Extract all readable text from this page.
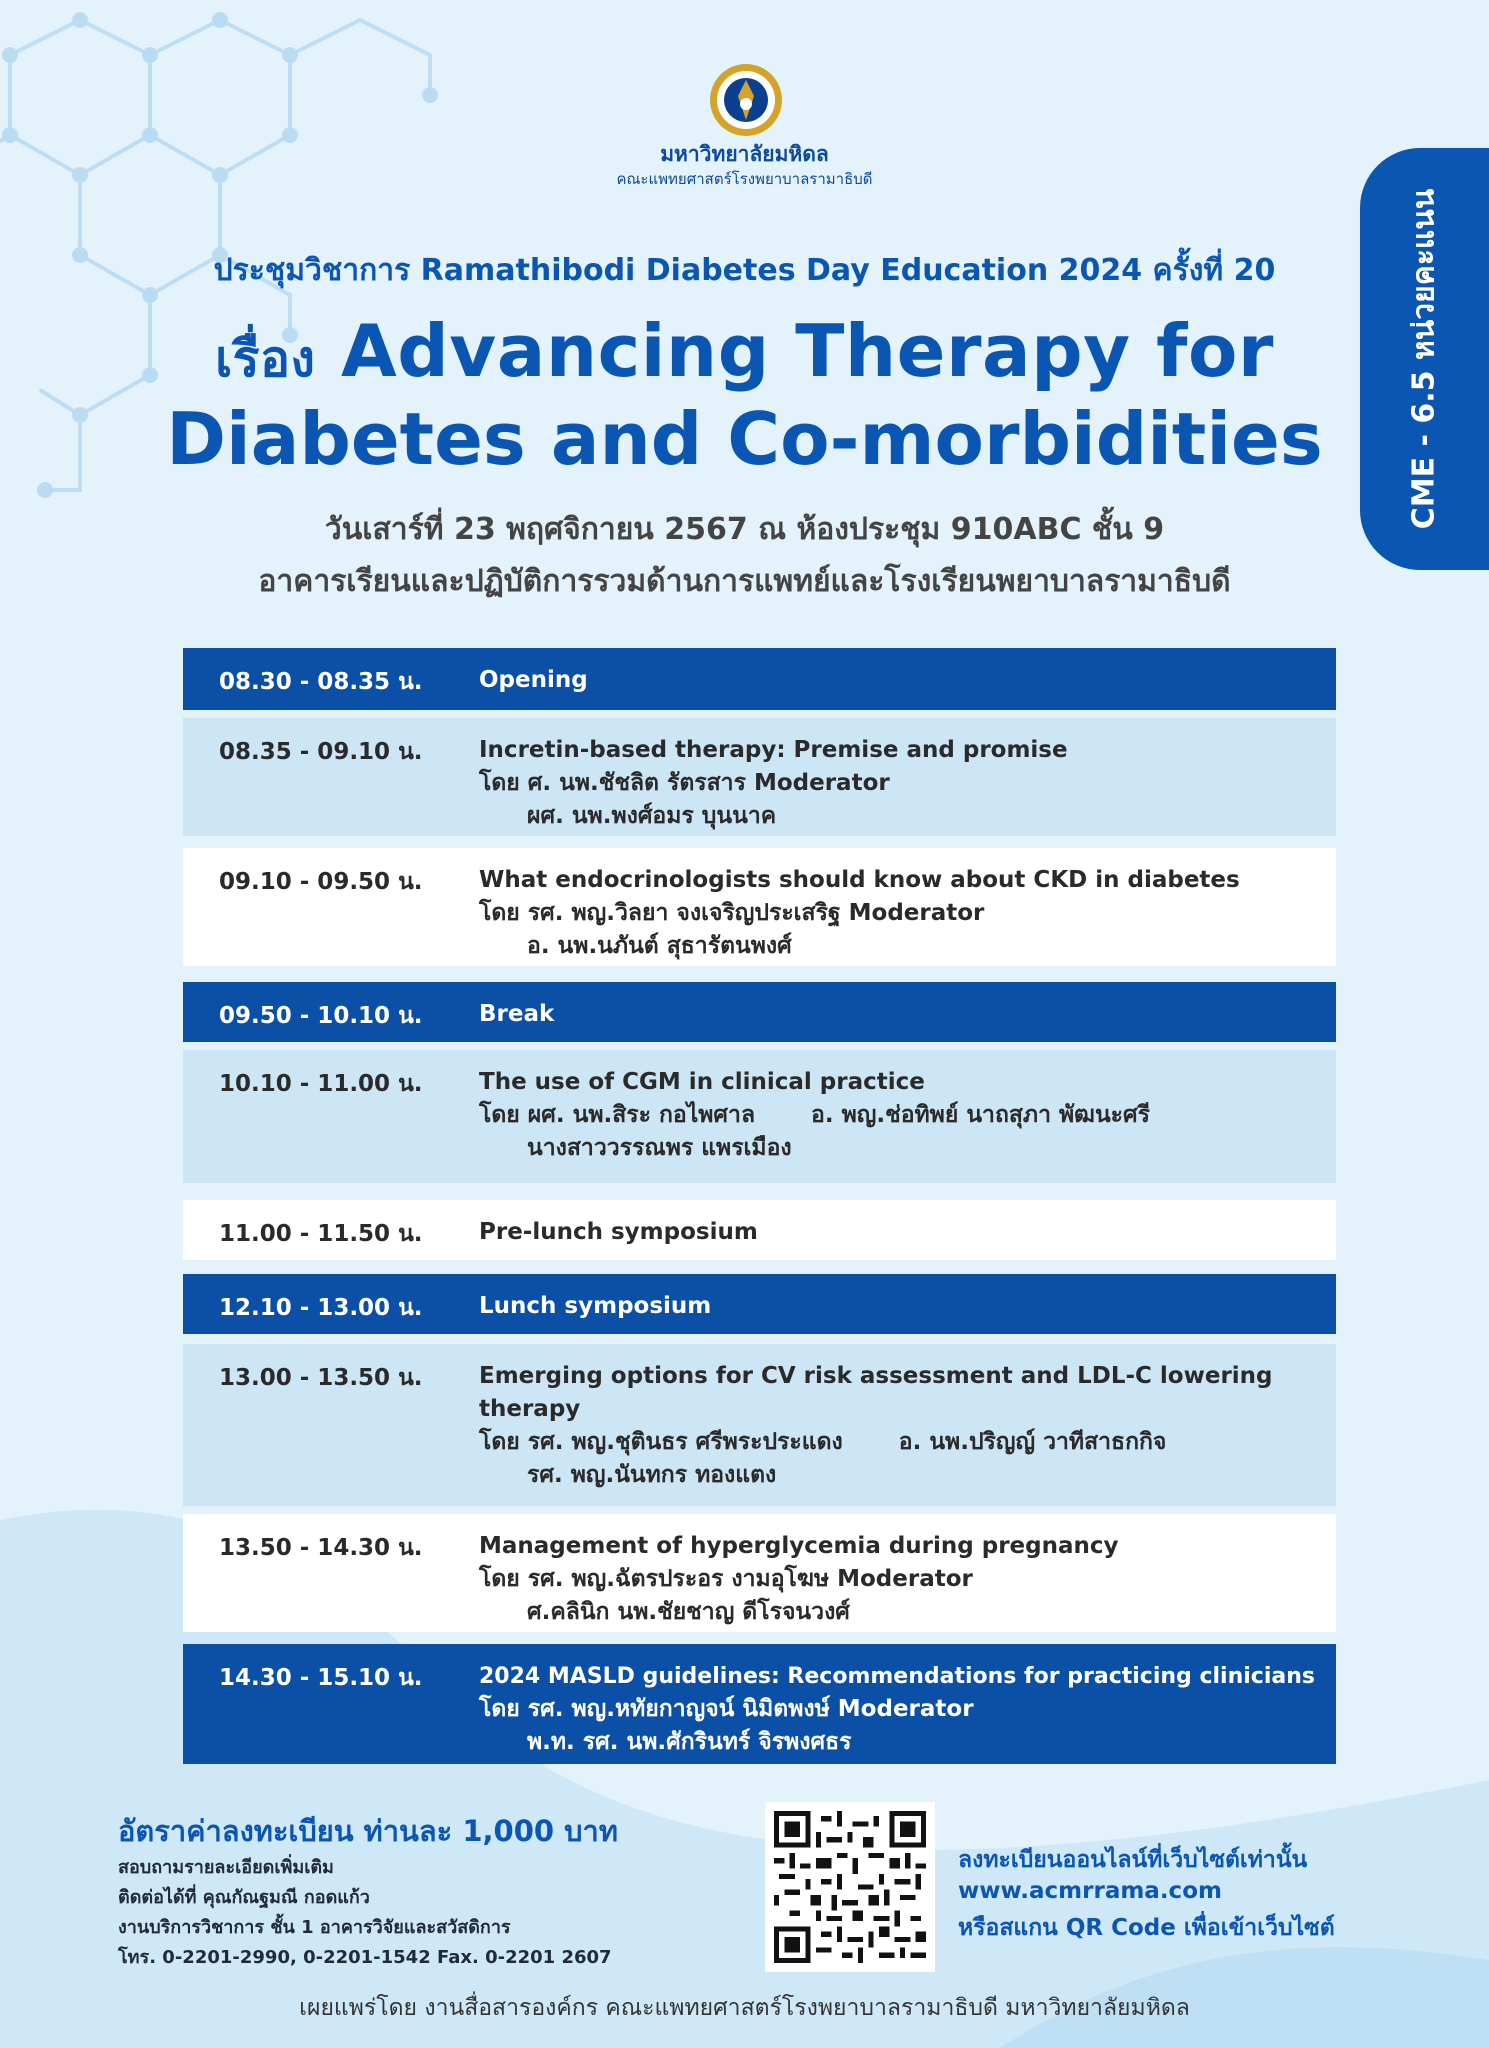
มหาวิทยาลัยมหิดล
คณะแพทยศาสตร์โรงพยาบาลรามาธิบดี
CME - 6.5 หน่วยคะแนน
ประชุมวิชาการ Ramathibodi Diabetes Day Education 2024 ครั้งที่ 20
เรื่อง Advancing Therapy for
Diabetes and Co-morbidities
วันเสาร์ที่ 23 พฤศจิกายน 2567 ณ ห้องประชุม 910ABC ชั้น 9
อาคารเรียนและปฏิบัติการรวมด้านการแพทย์และโรงเรียนพยาบาลรามาธิบดี
08.30 - 08.35 น. Opening
08.35 - 09.10 น. Incretin-based therapy: Premise and promise
โดย ศ. นพ.ชัชลิต รัตรสาร Moderator
ผศ. นพ.พงศ์อมร บุนนาค
09.10 - 09.50 น. What endocrinologists should know about CKD in diabetes
โดย รศ. พญ.วิลยา จงเจริญประเสริฐ Moderator
อ. นพ.นภันต์ สุธารัตนพงศ์
09.50 - 10.10 น. Break
10.10 - 11.00 น. The use of CGM in clinical practice
โดย ผศ. นพ.สิระ กอไพศาล อ. พญ.ช่อทิพย์ นาถสุภา พัฒนะศรี
นางสาววรรณพร แพรเมือง
11.00 - 11.50 น. Pre-lunch symposium
12.10 - 13.00 น. Lunch symposium
13.00 - 13.50 น. Emerging options for CV risk assessment and LDL-C lowering therapy
โดย รศ. พญ.ชุตินธร ศรีพระประแดง อ. นพ.ปริญญ์ วาทีสาธกกิจ
รศ. พญ.นันทกร ทองแตง
13.50 - 14.30 น. Management of hyperglycemia during pregnancy
โดย รศ. พญ.ฉัตรประอร งามอุโฆษ Moderator
ศ.คลินิก นพ.ชัยชาญ ดีโรจนวงศ์
14.30 - 15.10 น.	2024 MASLD guidelines: Recommendations for practicing clinicians
โดย รศ. พญ.หทัยกาญจน์ นิมิตพงษ์ Moderator
พ.ท. รศ. นพ.ศักรินทร์ จิรพงศธร
อัตราค่าลงทะเบียน ท่านละ 1,000 บาท
สอบถามรายละเอียดเพิ่มเติม
ติดต่อได้ที่ คุณกัณฐมณี กอดแก้ว
งานบริการวิชาการ ชั้น 1 อาคารวิจัยและสวัสดิการ
โทร. 0-2201-2990, 0-2201-1542 Fax. 0-2201 2607
ลงทะเบียนออนไลน์ที่เว็บไซต์เท่านั้น
www.acmrrama.com
หรือสแกน QR Code เพื่อเข้าเว็บไซต์
เผยแพร่โดย งานสื่อสารองค์กร คณะแพทยศาสตร์โรงพยาบาลรามาธิบดี มหาวิทยาลัยมหิดล
